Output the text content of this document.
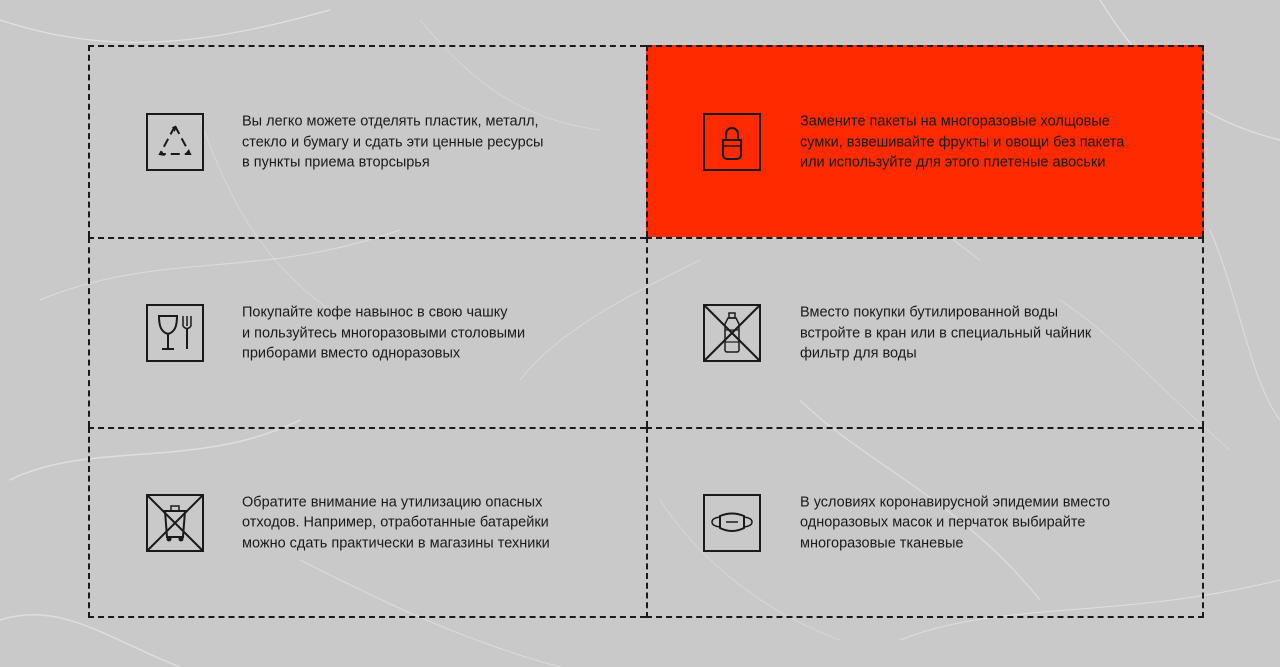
Вы легко можете отделять пластик, металл,
стекло и бумагу и сдать эти ценные ресурсы
в пункты приема вторсырья
Замените пакеты на многоразовые холщовые
сумки, взвешивайте фрукты и овощи без пакета
или используйте для этого плетеные авоськи
Покупайте кофе навынос в свою чашку
и пользуйтесь многоразовыми столовыми
приборами вместо одноразовых
Вместо покупки бутилированной воды
встройте в кран или в специальный чайник
фильтр для воды
Обратите внимание на утилизацию опасных
отходов. Например, отработанные батарейки
можно сдать практически в магазины техники
В условиях коронавирусной эпидемии вместо
одноразовых масок и перчаток выбирайте
многоразовые тканевые
